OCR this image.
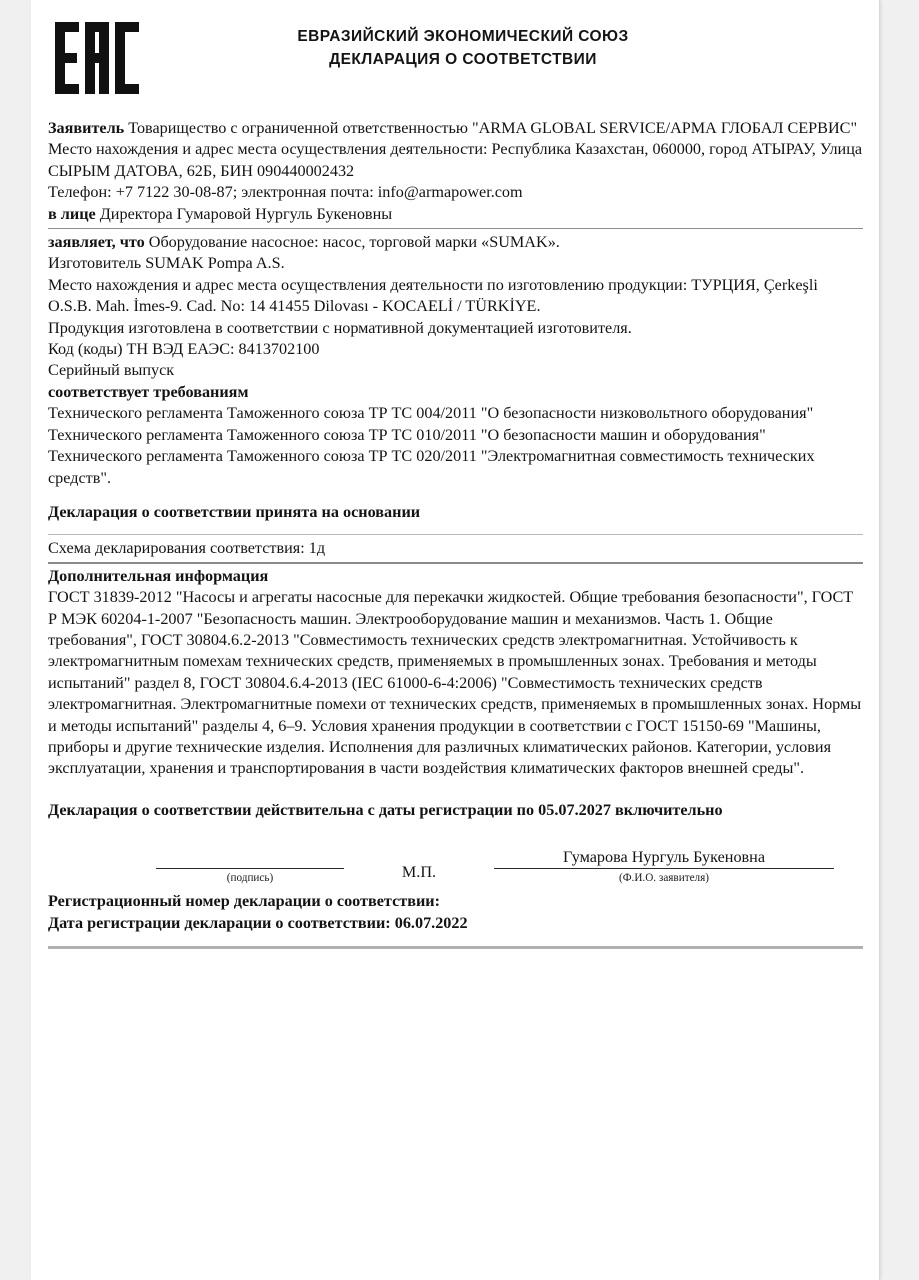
ЕВРАЗИЙСКИЙ ЭКОНОМИЧЕСКИЙ СОЮЗ
ДЕКЛАРАЦИЯ О СООТВЕТСТВИИ

Заявитель Товарищество с ограниченной ответственностью "ARMA GLOBAL SERVICE/АРМА ГЛОБАЛ СЕРВИС"

Место нахождения и адрес места осуществления деятельности: Республика Казахстан, 060000, город АТЫРАУ, Улица СЫРЫМ ДАТОВА, 62Б, БИН 090440002432

Телефон: +7 7122 30-08-87; электронная почта: info@armapower.com

в лице Директора Гумаровой Нургуль Букеновны

заявляет, что Оборудование насосное: насос, торговой марки «SUMAK».

Изготовитель SUMAK Pompa A.S.

Место нахождения и адрес места осуществления деятельности по изготовлению продукции: ТУРЦИЯ, Çerkeşli O.S.B. Mah. İmes-9. Cad. No: 14 41455 Dilovası - KOCAELİ / TÜRKİYE.

Продукция изготовлена в соответствии с нормативной документацией изготовителя.

Код (коды) ТН ВЭД ЕАЭС: 8413702100

Серийный выпуск

соответствует требованиям

Технического регламента Таможенного союза ТР ТС 004/2011 "О безопасности низковольтного оборудования"

Технического регламента Таможенного союза ТР ТС 010/2011 "О безопасности машин и оборудования"

Технического регламента Таможенного союза ТР ТС 020/2011 "Электромагнитная совместимость технических средств".

Декларация о соответствии принята на основании

Схема декларирования соответствия: 1д

Дополнительная информация

ГОСТ 31839-2012 "Насосы и агрегаты насосные для перекачки жидкостей. Общие требования безопасности", ГОСТ Р МЭК 60204-1-2007 "Безопасность машин. Электрооборудование машин и механизмов. Часть 1. Общие требования", ГОСТ 30804.6.2-2013 "Совместимость технических средств электромагнитная. Устойчивость к электромагнитным помехам технических средств, применяемых в промышленных зонах. Требования и методы испытаний" раздел 8, ГОСТ 30804.6.4-2013 (IEC 61000-6-4:2006) "Совместимость технических средств электромагнитная. Электромагнитные помехи от технических средств, применяемых в промышленных зонах. Нормы и методы испытаний" разделы 4, 6–9. Условия хранения продукции в соответствии с ГОСТ 15150-69 "Машины, приборы и другие технические изделия. Исполнения для различных климатических районов. Категории, условия эксплуатации, хранения и транспортирования в части воздействия климатических факторов внешней среды".

Декларация о соответствии действительна с даты регистрации по 05.07.2027 включительно

(подпись)	М.П.
Гумарова Нургуль Букеновна
(Ф.И.О. заявителя)

Регистрационный номер декларации о соответствии:

Дата регистрации декларации о соответствии: 06.07.2022
